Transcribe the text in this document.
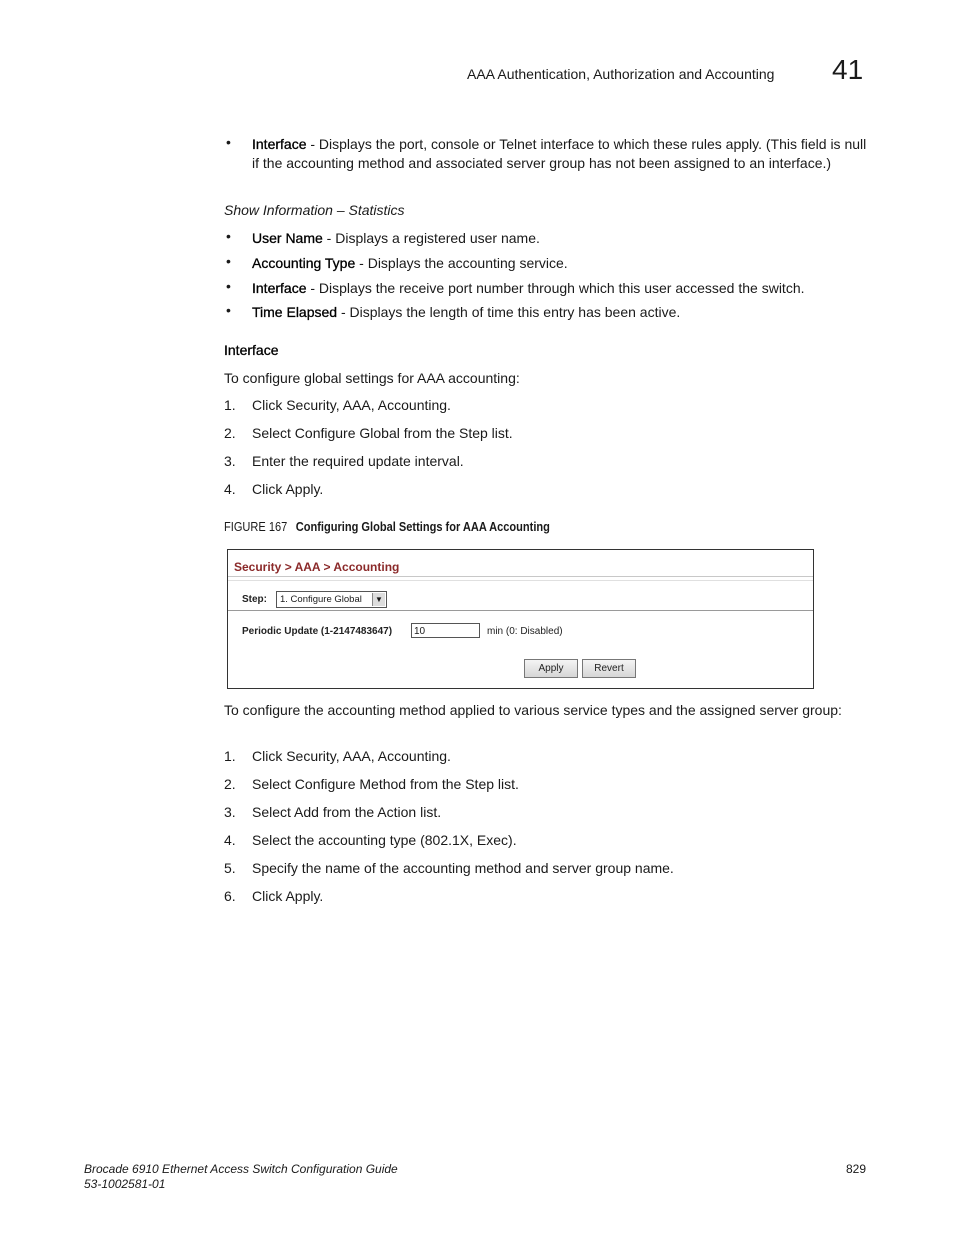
AAA Authentication, Authorization and Accounting 41
• Interface - Displays the port, console or Telnet interface to which these rules apply. (This field is null if the accounting method and associated server group has not been assigned to an interface.)
Show Information – Statistics
• User Name - Displays a registered user name.
• Accounting Type - Displays the accounting service.
• Interface - Displays the receive port number through which this user accessed the switch.
• Time Elapsed - Displays the length of time this entry has been active.
Interface
To configure global settings for AAA accounting:
1. Click Security, AAA, Accounting.
2. Select Configure Global from the Step list.
3. Enter the required update interval.
4. Click Apply.
FIGURE 167 Configuring Global Settings for AAA Accounting
Security > AAA > Accounting
Step:	1. Configure Global	▼
Periodic Update (1-2147483647)	10	min (0: Disabled)
Apply	Revert
To configure the accounting method applied to various service types and the assigned server group:
1. Click Security, AAA, Accounting.
2. Select Configure Method from the Step list.
3. Select Add from the Action list.
4. Select the accounting type (802.1X, Exec).
5. Specify the name of the accounting method and server group name.
6. Click Apply.
Brocade 6910 Ethernet Access Switch Configuration Guide
53-1002581-01
829
